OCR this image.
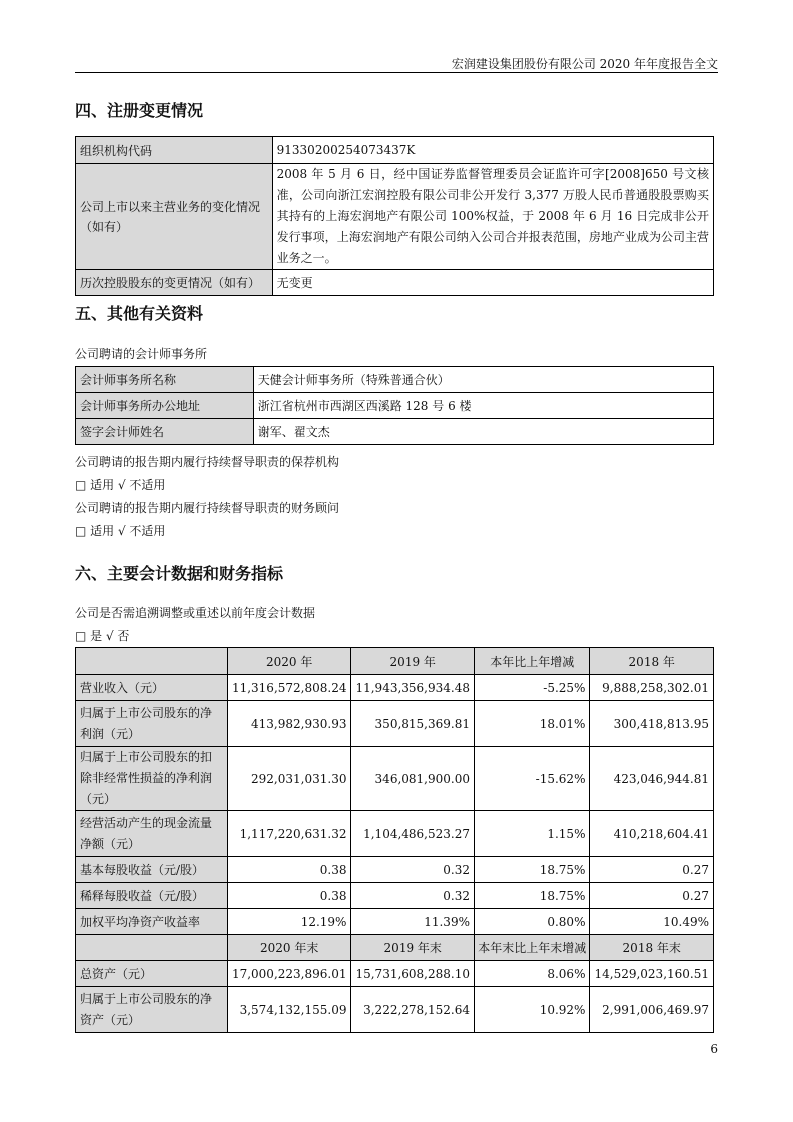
宏润建设集团股份有限公司 2020 年年度报告全文
四、注册变更情况
组织机构代码	91330200254073437K
公司上市以来主营业务的变化情况（如有）	2008 年 5 月 6 日，经中国证券监督管理委员会证监许可字[2008]650 号文核准，公司向浙江宏润控股有限公司非公开发行 3,377 万股人民币普通股股票购买其持有的上海宏润地产有限公司 100%权益，于 2008 年 6 月 16 日完成非公开发行事项，上海宏润地产有限公司纳入公司合并报表范围，房地产业成为公司主营业务之一。
历次控股股东的变更情况（如有）	无变更
五、其他有关资料
公司聘请的会计师事务所
会计师事务所名称	天健会计师事务所（特殊普通合伙）
会计师事务所办公地址	浙江省杭州市西湖区西溪路 128 号 6 楼
签字会计师姓名	谢军、翟文杰
公司聘请的报告期内履行持续督导职责的保荐机构
□ 适用 √ 不适用
公司聘请的报告期内履行持续督导职责的财务顾问
□ 适用 √ 不适用
六、主要会计数据和财务指标
公司是否需追溯调整或重述以前年度会计数据
□ 是 √ 否
	2020 年	2019 年	本年比上年增减	2018 年
营业收入（元）	11,316,572,808.24	11,943,356,934.48	-5.25%	9,888,258,302.01
归属于上市公司股东的净利润（元）	413,982,930.93	350,815,369.81	18.01%	300,418,813.95
归属于上市公司股东的扣除非经常性损益的净利润（元）	292,031,031.30	346,081,900.00	-15.62%	423,046,944.81
经营活动产生的现金流量净额（元）	1,117,220,631.32	1,104,486,523.27	1.15%	410,218,604.41
基本每股收益（元/股）	0.38	0.32	18.75%	0.27
稀释每股收益（元/股）	0.38	0.32	18.75%	0.27
加权平均净资产收益率	12.19%	11.39%	0.80%	10.49%
	2020 年末	2019 年末	本年末比上年末增减	2018 年末
总资产（元）	17,000,223,896.01	15,731,608,288.10	8.06%	14,529,023,160.51
归属于上市公司股东的净资产（元）	3,574,132,155.09	3,222,278,152.64	10.92%	2,991,006,469.97
6
